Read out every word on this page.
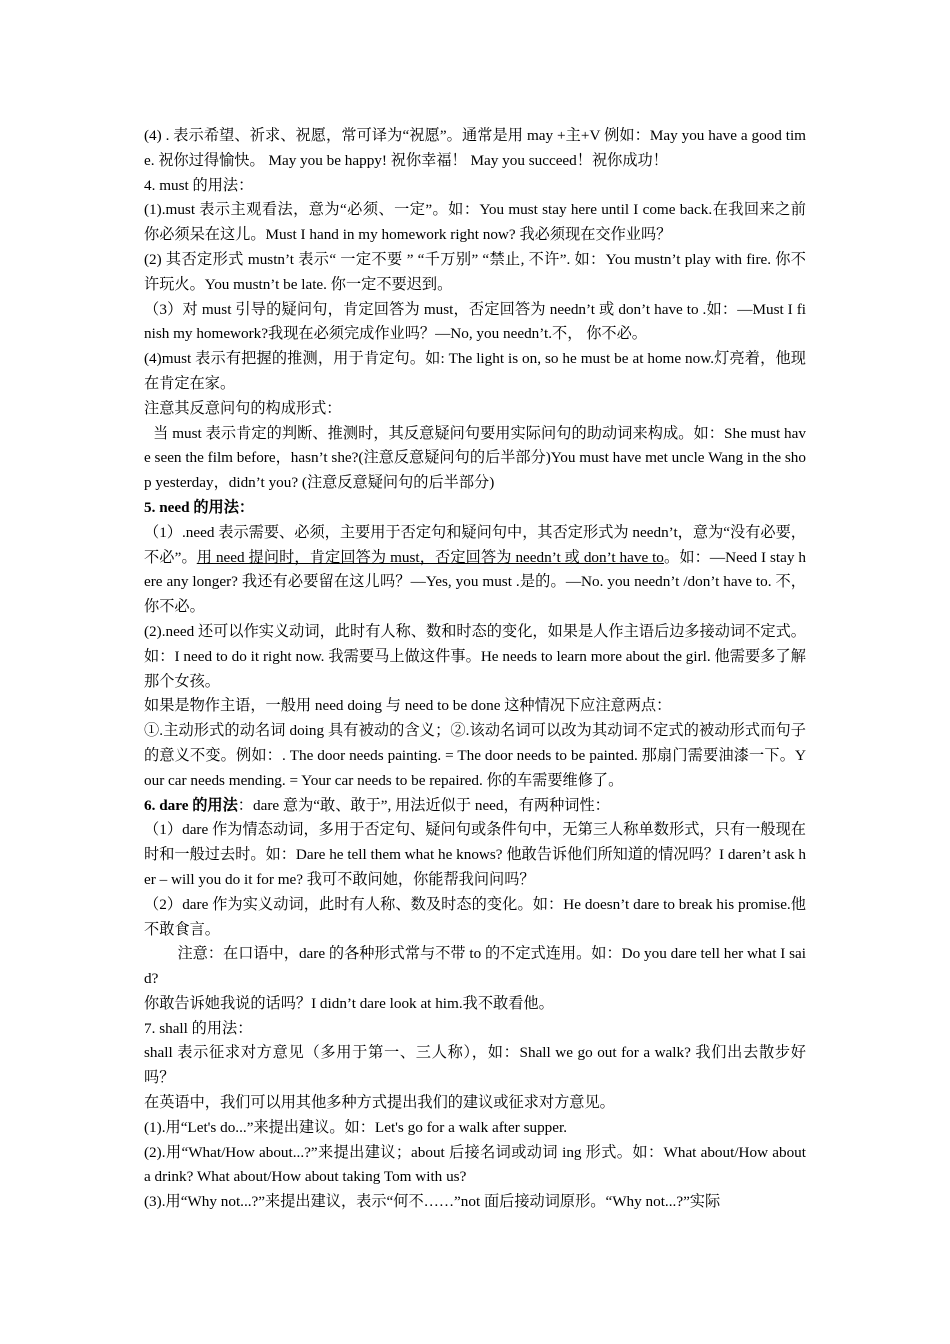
(4) . 表示希望、祈求、祝愿，常可译为“祝愿”。通常是用 may +主+V 例如：May you have a good time. 祝你过得愉快。 May you be happy! 祝你幸福！ May you succeed！祝你成功！

4. must 的用法：

(1).must 表示主观看法，意为“必须、一定”。如：You must stay here until I come back.在我回来之前你必须呆在这儿。Must I hand in my homework right now? 我必须现在交作业吗？

(2) 其否定形式 mustn’t 表示“ 一定不要 ” “千万别” “禁止, 不许”. 如：You mustn’t play with fire. 你不许玩火。You mustn’t be late. 你一定不要迟到。

（3）对 must 引导的疑问句，肯定回答为 must，否定回答为 needn’t 或 don’t have to .如：—Must I finish my homework?我现在必须完成作业吗？—No, you needn’t.不， 你不必。

(4)must 表示有把握的推测，用于肯定句。如: The light is on, so he must be at home now.灯亮着，他现在肯定在家。

注意其反意问句的构成形式：

当 must 表示肯定的判断、推测时，其反意疑问句要用实际问句的助动词来构成。如：She must have seen the film before，hasn’t she?(注意反意疑问句的后半部分)You must have met uncle Wang in the shop yesterday，didn’t you? (注意反意疑问句的后半部分)

5. need 的用法：

（1）.need 表示需要、必须，主要用于否定句和疑问句中，其否定形式为 needn’t，意为“没有必要，不必”。用 need 提问时，肯定回答为 must，否定回答为 needn’t 或 don’t have to。如：—Need I stay here any longer? 我还有必要留在这儿吗？—Yes, you must .是的。—No. you needn’t /don’t have to. 不， 你不必。

(2).need 还可以作实义动词，此时有人称、数和时态的变化，如果是人作主语后边多接动词不定式。如：I need to do it right now. 我需要马上做这件事。He needs to learn more about the girl. 他需要多了解那个女孩。

如果是物作主语，一般用 need doing 与 need to be done 这种情况下应注意两点：

①.主动形式的动名词 doing 具有被动的含义；②.该动名词可以改为其动词不定式的被动形式而句子的意义不变。例如：. The door needs painting. = The door needs to be painted. 那扇门需要油漆一下。Your car needs mending. = Your car needs to be repaired. 你的车需要维修了。

6. dare 的用法：dare 意为“敢、敢于”, 用法近似于 need，有两种词性：

（1）dare 作为情态动词，多用于否定句、疑问句或条件句中，无第三人称单数形式，只有一般现在时和一般过去时。如：Dare he tell them what he knows? 他敢告诉他们所知道的情况吗？I daren’t ask her – will you do it for me? 我可不敢问她，你能帮我问问吗？

（2）dare 作为实义动词，此时有人称、数及时态的变化。如：He doesn’t dare to break his promise.他不敢食言。

注意：在口语中，dare 的各种形式常与不带 to 的不定式连用。如：Do you dare tell her what I said?

你敢告诉她我说的话吗？I didn’t dare look at him.我不敢看他。

7. shall 的用法：

shall 表示征求对方意见（多用于第一、三人称），如：Shall we go out for a walk? 我们出去散步好吗？

在英语中，我们可以用其他多种方式提出我们的建议或征求对方意见。

(1).用“Let's do...”来提出建议。如：Let's go for a walk after supper.

(2).用“What/How about...?”来提出建议；about 后接名词或动词 ing 形式。如：What about/How about a drink? What about/How about taking Tom with us?

(3).用“Why not...?”来提出建议，表示“何不……”not 面后接动词原形。“Why not...?”实际
